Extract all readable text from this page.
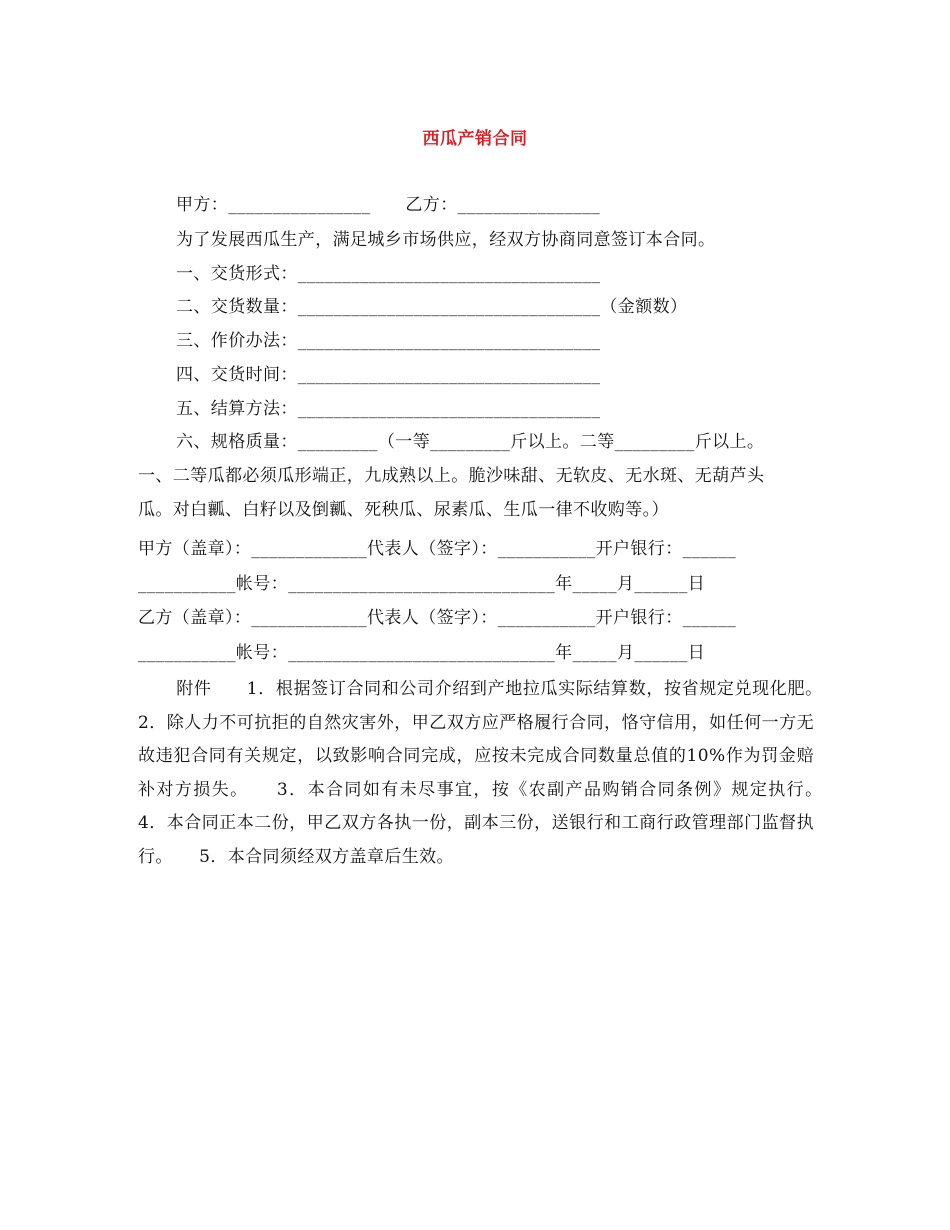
西瓜产销合同
甲方：________________　　乙方：________________
为了发展西瓜生产，满足城乡市场供应，经双方协商同意签订本合同。
一、交货形式：__________________________________
二、交货数量：__________________________________（金额数）
三、作价办法：__________________________________
四、交货时间：__________________________________
五、结算方法：__________________________________
六、规格质量：_________（一等_________斤以上。二等_________斤以上。
一、二等瓜都必须瓜形端正，九成熟以上。脆沙味甜、无软皮、无水斑、无葫芦头
瓜。对白瓤、白籽以及倒瓤、死秧瓜、尿素瓜、生瓜一律不收购等。）
甲方（盖章）：_____________代表人（签字）：___________开户银行：______
___________帐号：______________________________年_____月______日
乙方（盖章）：_____________代表人（签字）：___________开户银行：______
___________帐号：______________________________年_____月______日
附件　　1．根据签订合同和公司介绍到产地拉瓜实际结算数，按省规定兑现化肥。　　2．除人力不可抗拒的自然灾害外，甲乙双方应严格履行合同，恪守信用，如任何一方无故违犯合同有关规定，以致影响合同完成，应按未完成合同数量总值的10%作为罚金赔补对方损失。　　3．本合同如有未尽事宜，按《农副产品购销合同条例》规定执行。　　4．本合同正本二份，甲乙双方各执一份，副本三份，送银行和工商行政管理部门监督执行。　　5．本合同须经双方盖章后生效。
